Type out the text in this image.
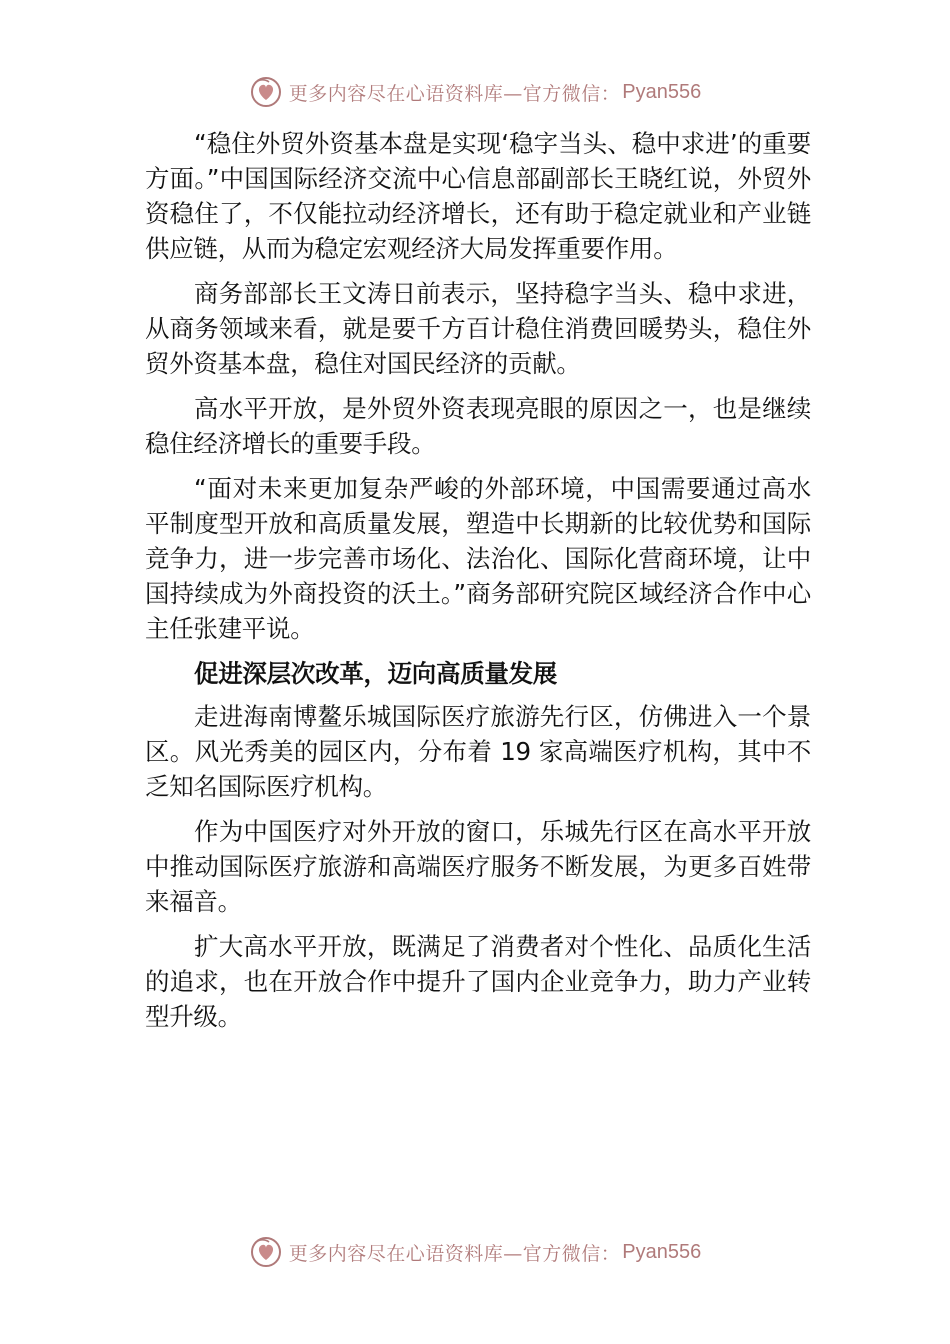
更多内容尽在心语资料库—官方微信： Pyan556

“稳住外贸外资基本盘是实现‘稳字当头、稳中求进’的重要方面。”中国国际经济交流中心信息部副部长王晓红说，外贸外资稳住了，不仅能拉动经济增长，还有助于稳定就业和产业链供应链，从而为稳定宏观经济大局发挥重要作用。

商务部部长王文涛日前表示，坚持稳字当头、稳中求进，从商务领域来看，就是要千方百计稳住消费回暖势头，稳住外贸外资基本盘，稳住对国民经济的贡献。

高水平开放，是外贸外资表现亮眼的原因之一，也是继续稳住经济增长的重要手段。

“面对未来更加复杂严峻的外部环境，中国需要通过高水平制度型开放和高质量发展，塑造中长期新的比较优势和国际竞争力，进一步完善市场化、法治化、国际化营商环境，让中国持续成为外商投资的沃土。”商务部研究院区域经济合作中心主任张建平说。

促进深层次改革，迈向高质量发展

走进海南博鳌乐城国际医疗旅游先行区，仿佛进入一个景区。风光秀美的园区内，分布着 19 家高端医疗机构，其中不乏知名国际医疗机构。

作为中国医疗对外开放的窗口，乐城先行区在高水平开放中推动国际医疗旅游和高端医疗服务不断发展，为更多百姓带来福音。

扩大高水平开放，既满足了消费者对个性化、品质化生活的追求，也在开放合作中提升了国内企业竞争力，助力产业转型升级。

更多内容尽在心语资料库—官方微信： Pyan556
